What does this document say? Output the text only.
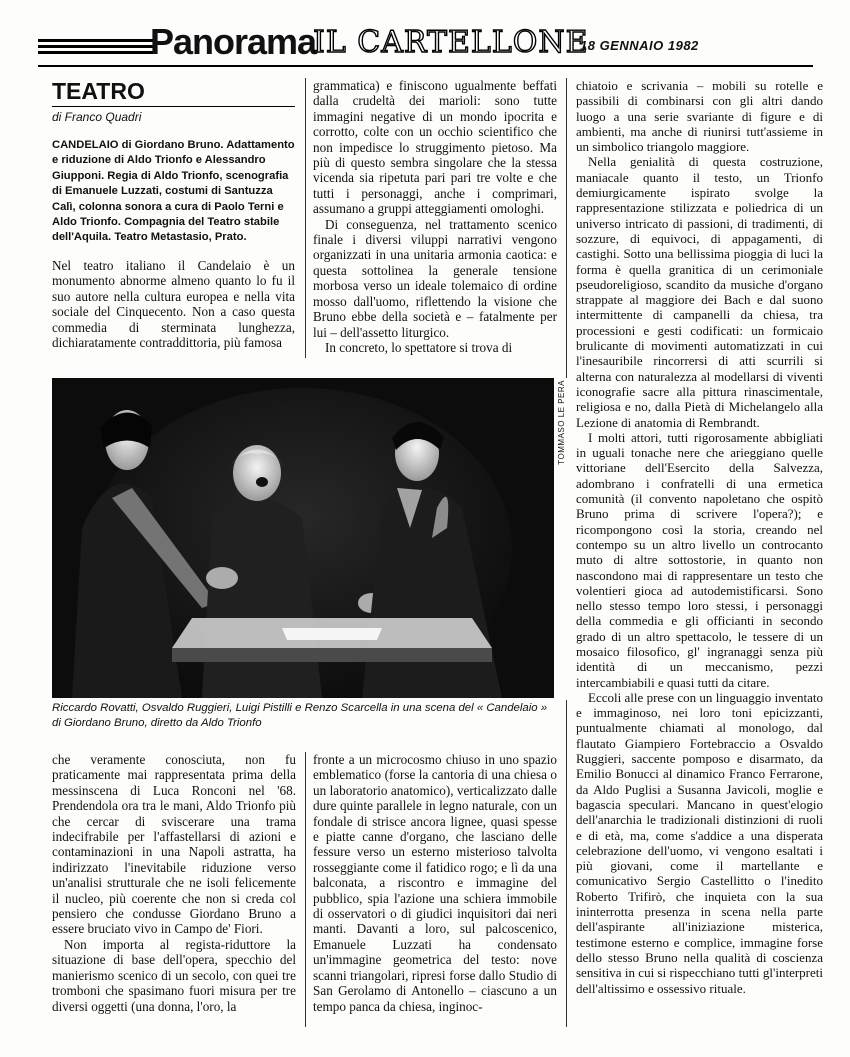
Panorama
IL CARTELLONE
18 GENNAIO 1982
TEATRO
di Franco Quadri

CANDELAIO di Giordano Bruno. Adattamento e riduzione di Aldo Trionfo e Alessandro Giupponi. Regia di Aldo Trionfo, scenografia di Emanuele Luzzati, costumi di Santuzza Calì, colonna sonora a cura di Paolo Terni e Aldo Trionfo. Compagnia del Teatro stabile dell'Aquila. Teatro Metastasio, Prato.

Nel teatro italiano il Candelaio è un monumento abnorme almeno quanto lo fu il suo autore nella cultura europea e nella vita sociale del Cinquecento. Non a caso questa commedia di sterminata lunghezza, dichiaratamente contraddittoria, più famosa

grammatica) e finiscono ugualmente beffati dalla crudeltà dei marioli: sono tutte immagini negative di un mondo ipocrita e corrotto, colte con un occhio scientifico che non impedisce lo struggimento pietoso. Ma più di questo sembra singolare che la stessa vicenda sia ripetuta pari pari tre volte e che tutti i personaggi, anche i comprimari, assumano a gruppi atteggiamenti omologhi.

Di conseguenza, nel trattamento scenico finale i diversi viluppi narrativi vengono organizzati in una unitaria armonia caotica: e questa sottolinea la generale tensione morbosa verso un ideale tolemaico di ordine mosso dall'uomo, riflettendo la visione che Bruno ebbe della società e – fatalmente per lui – dell'assetto liturgico.

In concreto, lo spettatore si trova di

chiatoio e scrivania – mobili su rotelle e passibili di combinarsi con gli altri dando luogo a una serie svariante di figure e di ambienti, ma anche di riunirsi tutt'assieme in un simbolico triangolo maggiore.

Nella genialità di questa costruzione, maniacale quanto il testo, un Trionfo demiurgicamente ispirato svolge la rappresentazione stilizzata e poliedrica di un universo intricato di passioni, di tradimenti, di sozzure, di equivoci, di appagamenti, di castighi. Sotto una bellissima pioggia di luci la forma è quella granitica di un cerimoniale pseudoreligioso, scandito da musiche d'organo strappate al maggiore dei Bach e dal suono intermittente di campanelli da chiesa, tra processioni e gesti codificati: un formicaio brulicante di movimenti automatizzati in cui l'inesauribile rincorrersi di atti scurrili si alterna con naturalezza al modellarsi di viventi iconografie sacre alla pittura rinascimentale, religiosa e no, dalla Pietà di Michelangelo alla Lezione di anatomia di Rembrandt.

I molti attori, tutti rigorosamente abbigliati in uguali tonache nere che arieggiano quelle vittoriane dell'Esercito della Salvezza, adombrano i confratelli di una ermetica comunità (il convento napoletano che ospitò Bruno prima di scrivere l'opera?); e ricompongono così la storia, creando nel contempo su un altro livello un controcanto muto di altre sottostorie, in quanto non nascondono mai di rappresentare un testo che volentieri gioca ad autodemistificarsi. Sono nello stesso tempo loro stessi, i personaggi della commedia e gli officianti in secondo grado di un altro spettacolo, le tessere di un mosaico filosofico, gl' ingranaggi senza più identità di un meccanismo, pezzi intercambiabili e quasi tutti da citare.

Eccoli alle prese con un linguaggio inventato e immaginoso, nei loro toni epicizzanti, puntualmente chiamati al monologo, dal flautato Giampiero Fortebraccio a Osvaldo Ruggieri, saccente pomposo e disarmato, da Emilio Bonucci al dinamico Franco Ferrarone, da Aldo Puglisi a Susanna Javicoli, moglie e bagascia speculari. Mancano in quest'elogio dell'anarchia le tradizionali distinzioni di ruoli e di età, ma, come s'addice a una disperata celebrazione dell'uomo, vi vengono esaltati i più giovani, come il martellante e comunicativo Sergio Castellitto o l'inedito Roberto Trifirò, che inquieta con la sua ininterrotta presenza in scena nella parte dell'aspirante all'iniziazione misterica, testimone esterno e complice, immagine forse dello stesso Bruno nella qualità di coscienza sensitiva in cui si rispecchiano tutti gl'interpreti dell'altissimo e ossessivo rituale.

TOMMASO LE PERA

Riccardo Rovatti, Osvaldo Ruggieri, Luigi Pistilli e Renzo Scarcella in una scena del « Candelaio » di Giordano Bruno, diretto da Aldo Trionfo

che veramente conosciuta, non fu praticamente mai rappresentata prima della messinscena di Luca Ronconi nel '68. Prendendola ora tra le mani, Aldo Trionfo più che cercar di sviscerare una trama indecifrabile per l'affastellarsi di azioni e contaminazioni in una Napoli astratta, ha indirizzato l'inevitabile riduzione verso un'analisi strutturale che ne isoli felicemente il nucleo, più coerente che non si creda col pensiero che condusse Giordano Bruno a essere bruciato vivo in Campo de' Fiori.

Non importa al regista-riduttore la situazione di base dell'opera, specchio del manierismo scenico di un secolo, con quei tre tromboni che spasimano fuori misura per tre diversi oggetti (una donna, l'oro, la

fronte a un microcosmo chiuso in uno spazio emblematico (forse la cantoria di una chiesa o un laboratorio anatomico), verticalizzato dalle dure quinte parallele in legno naturale, con un fondale di strisce ancora lignee, quasi spesse e piatte canne d'organo, che lasciano delle fessure verso un esterno misterioso talvolta rosseggiante come il fatidico rogo; e lì da una balconata, a riscontro e immagine del pubblico, spia l'azione una schiera immobile di osservatori o di giudici inquisitori dai neri manti. Davanti a loro, sul palcoscenico, Emanuele Luzzati ha condensato un'immagine geometrica del testo: nove scanni triangolari, ripresi forse dallo Studio di San Gerolamo di Antonello – ciascuno a un tempo panca da chiesa, inginoc-
